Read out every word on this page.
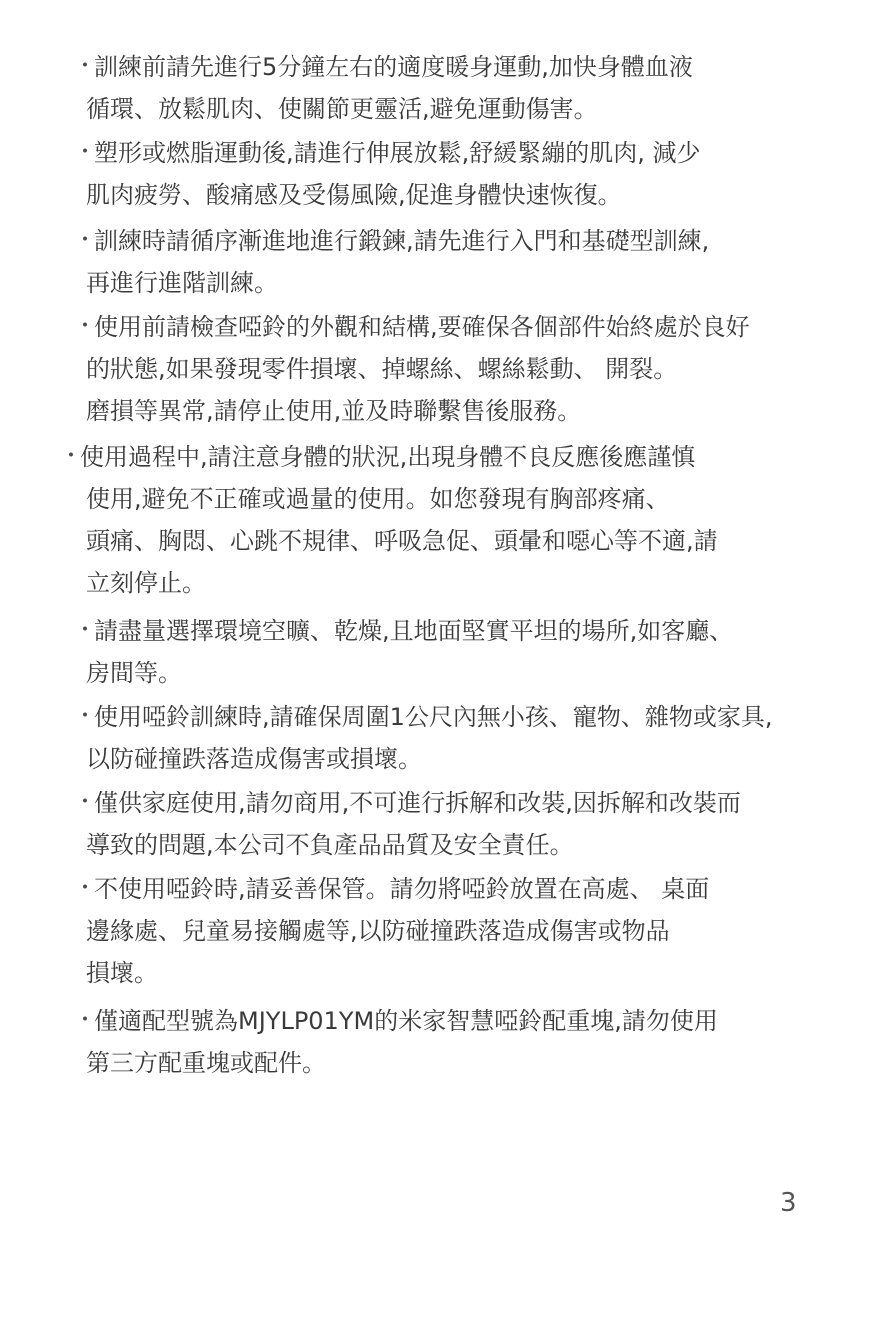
・
訓練前請先進行5分鐘左右的適度暖身運動,加快身體血液
循環、放鬆肌肉、使關節更靈活,避免運動傷害。
・
塑形或燃脂運動後,請進行伸展放鬆,舒緩緊繃的肌肉, 減少
肌肉疲勞、酸痛感及受傷風險,促進身體快速恢復。
・
訓練時請循序漸進地進行鍛鍊,請先進行入門和基礎型訓練,
再進行進階訓練。
・
使用前請檢查啞鈴的外觀和結構,要確保各個部件始終處於良好
的狀態,如果發現零件損壞、掉螺絲、螺絲鬆動、 開裂。
磨損等異常,請停止使用,並及時聯繫售後服務。
・
使用過程中,請注意身體的狀況,出現身體不良反應後應謹慎
使用,避免不正確或過量的使用。如您發現有胸部疼痛、
頭痛、胸悶、心跳不規律、呼吸急促、頭暈和噁心等不適,請
立刻停止。
・
請盡量選擇環境空曠、乾燥,且地面堅實平坦的場所,如客廳、
房間等。
・
使用啞鈴訓練時,請確保周圍1公尺內無小孩、寵物、雜物或家具,
以防碰撞跌落造成傷害或損壞。
・
僅供家庭使用,請勿商用,不可進行拆解和改裝,因拆解和改裝而
導致的問題,本公司不負產品品質及安全責任。
・
不使用啞鈴時,請妥善保管。請勿將啞鈴放置在高處、 桌面
邊緣處、兒童易接觸處等,以防碰撞跌落造成傷害或物品
損壞。
・
僅適配型號為MJYLP01YM的米家智慧啞鈴配重塊,請勿使用
第三方配重塊或配件。
3
